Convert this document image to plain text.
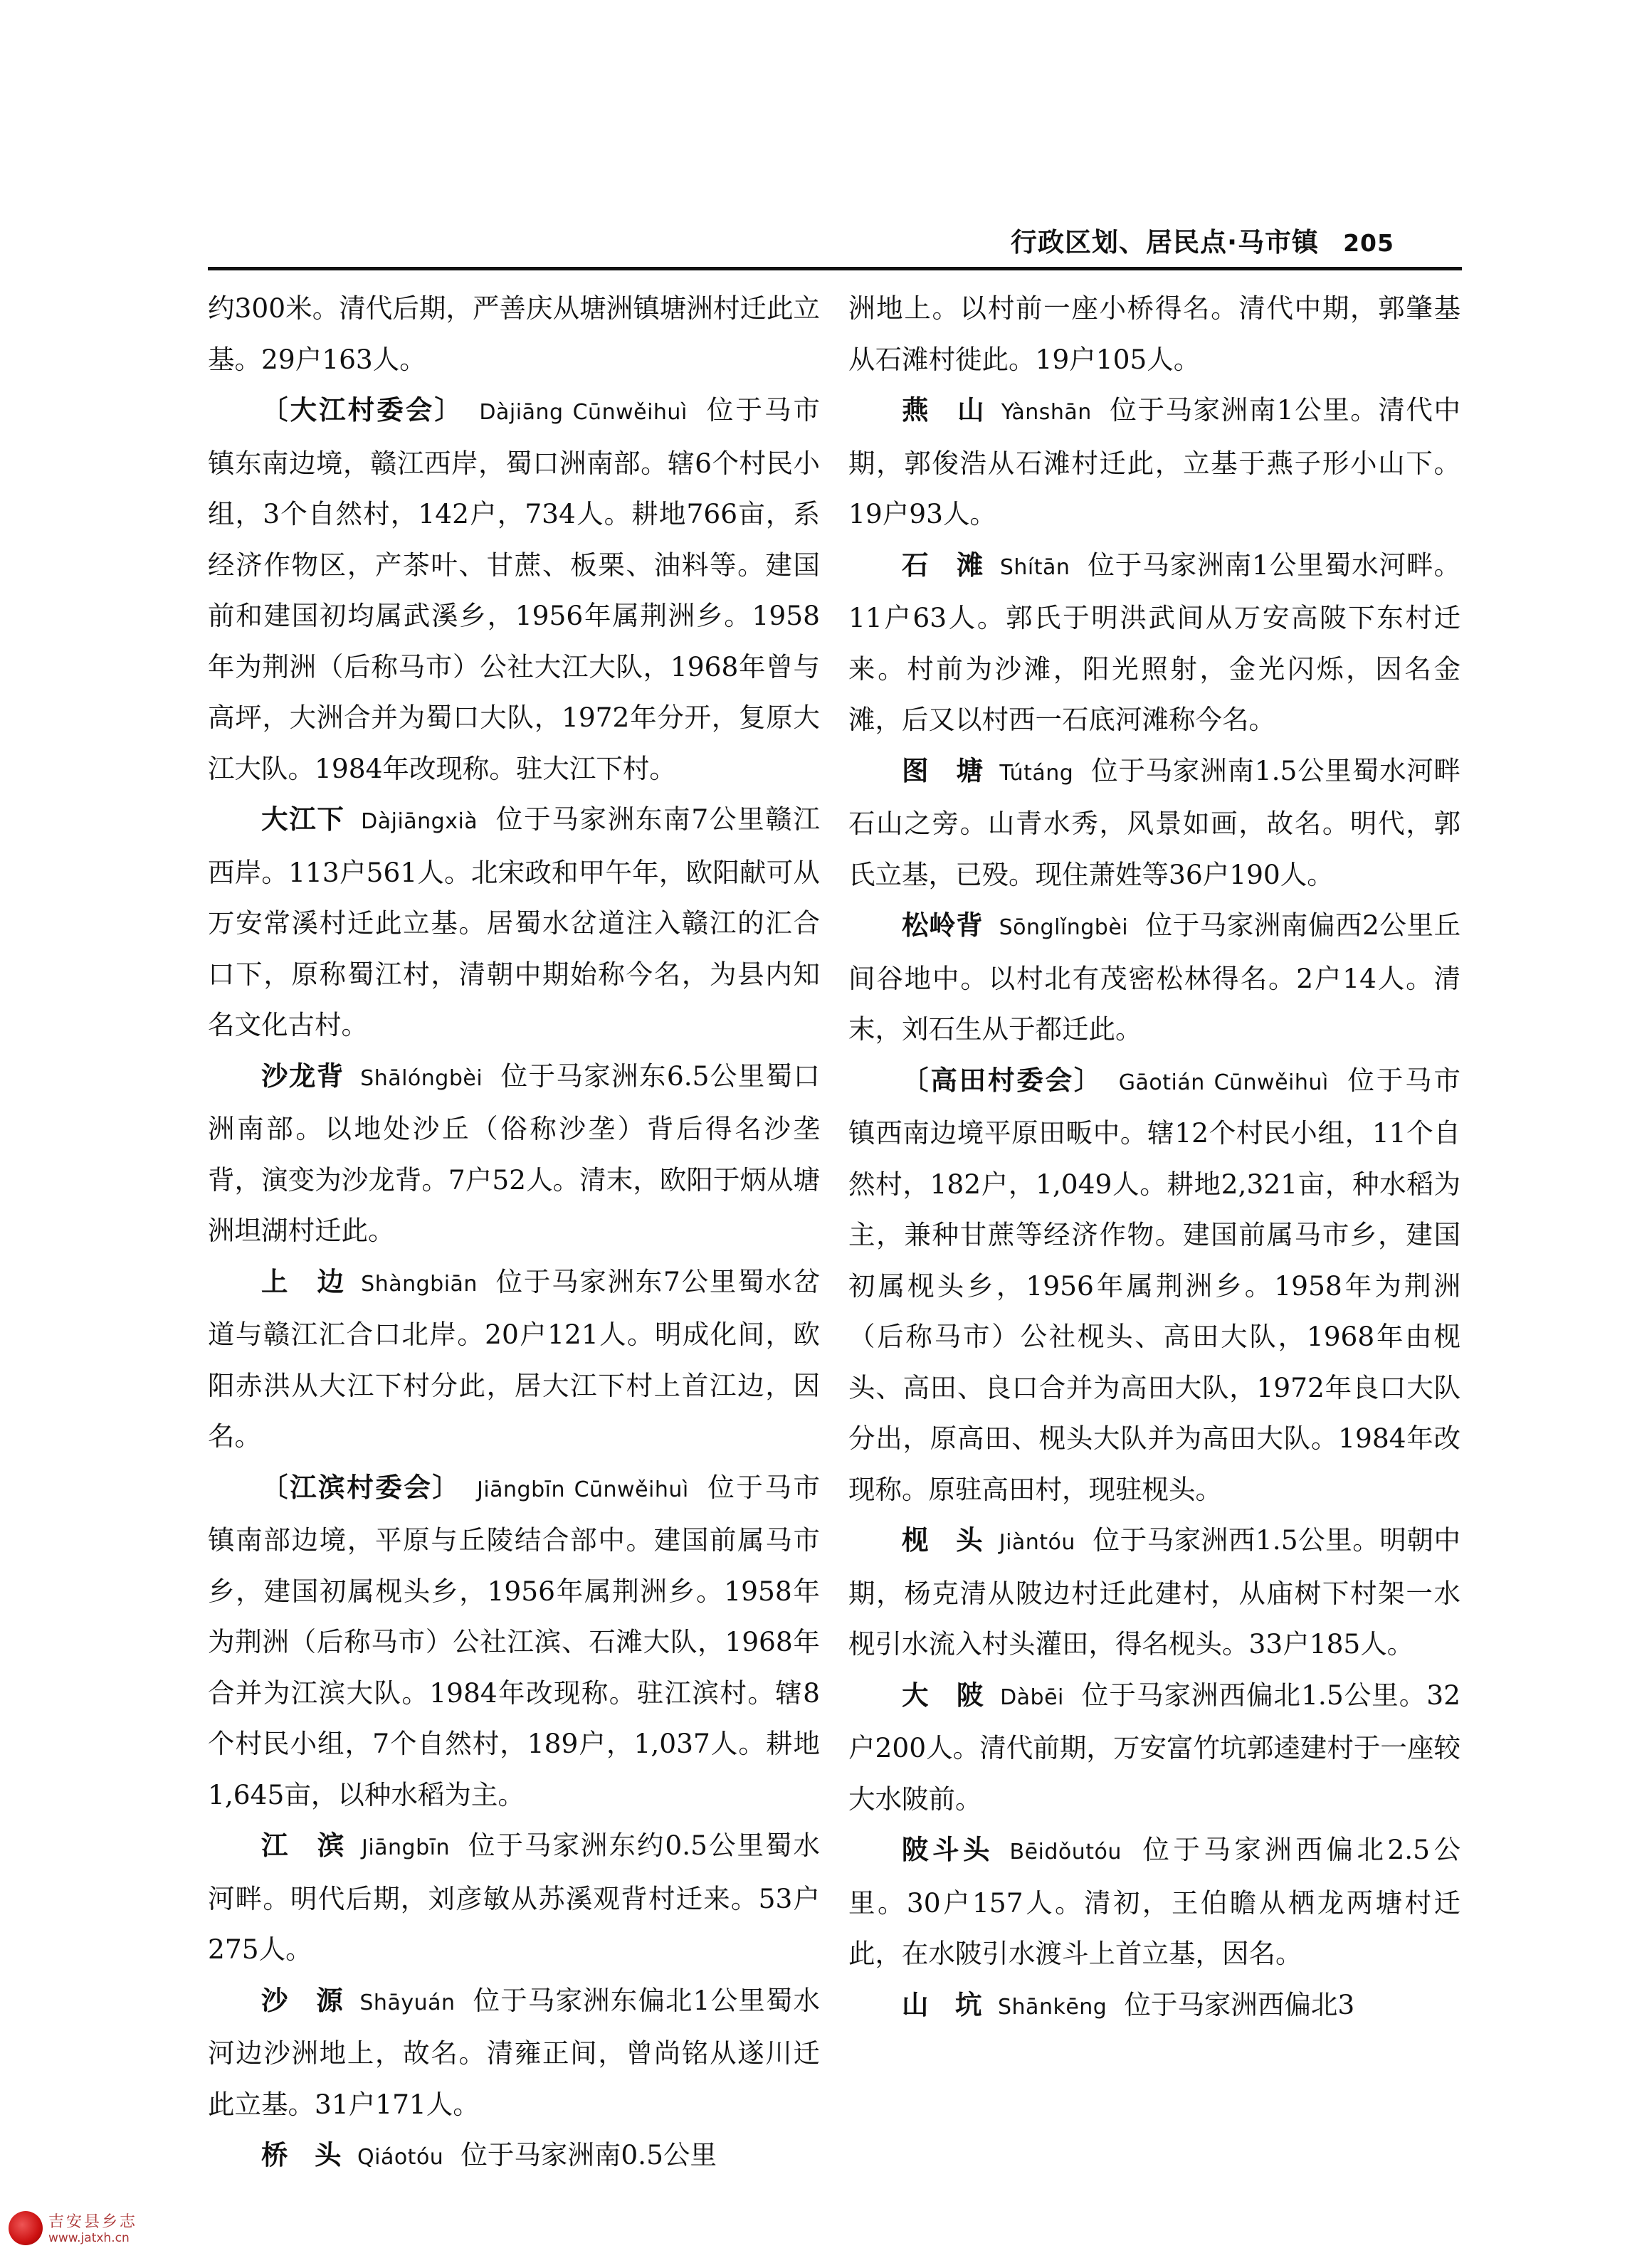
行政区划、居民点·马市镇 205

约300米。清代后期，严善庆从塘洲镇塘洲村迁此立基。29户163人。

〔大江村委会〕 Dàjiāng Cūnwěihuì 位于马市镇东南边境，赣江西岸，蜀口洲南部。辖6个村民小组，3个自然村，142户，734人。耕地766亩，系经济作物区，产茶叶、甘蔗、板栗、油料等。建国前和建国初均属武溪乡，1956年属荆洲乡。1958年为荆洲（后称马市）公社大江大队，1968年曾与高坪，大洲合并为蜀口大队，1972年分开，复原大江大队。1984年改现称。驻大江下村。

大江下 Dàjiāngxià 位于马家洲东南7公里赣江西岸。113户561人。北宋政和甲午年，欧阳献可从万安常溪村迁此立基。居蜀水岔道注入赣江的汇合口下，原称蜀江村，清朝中期始称今名，为县内知名文化古村。

沙龙背 Shālóngbèi 位于马家洲东6.5公里蜀口洲南部。以地处沙丘（俗称沙垄）背后得名沙垄背，演变为沙龙背。7户52人。清末，欧阳于炳从塘洲坦湖村迁此。

上　边 Shàngbiān 位于马家洲东7公里蜀水岔道与赣江汇合口北岸。20户121人。明成化间，欧阳赤洪从大江下村分此，居大江下村上首江边，因名。

〔江滨村委会〕 Jiāngbīn Cūnwěihuì 位于马市镇南部边境，平原与丘陵结合部中。建国前属马市乡，建国初属枧头乡，1956年属荆洲乡。1958年为荆洲（后称马市）公社江滨、石滩大队，1968年合并为江滨大队。1984年改现称。驻江滨村。辖8个村民小组，7个自然村，189户，1,037人。耕地1,645亩，以种水稻为主。

江　滨 Jiāngbīn 位于马家洲东约0.5公里蜀水河畔。明代后期，刘彦敏从苏溪观背村迁来。53户275人。

沙　源 Shāyuán 位于马家洲东偏北1公里蜀水河边沙洲地上，故名。清雍正间，曾尚铭从遂川迁此立基。31户171人。

桥　头 Qiáotóu 位于马家洲南0.5公里

洲地上。以村前一座小桥得名。清代中期，郭肇基从石滩村徙此。19户105人。

燕　山 Yànshān 位于马家洲南1公里。清代中期，郭俊浩从石滩村迁此，立基于燕子形小山下。19户93人。

石　滩 Shítān 位于马家洲南1公里蜀水河畔。11户63人。郭氏于明洪武间从万安高陂下东村迁来。村前为沙滩，阳光照射，金光闪烁，因名金滩，后又以村西一石底河滩称今名。

图　塘 Tútáng 位于马家洲南1.5公里蜀水河畔石山之旁。山青水秀，风景如画，故名。明代，郭氏立基，已殁。现住萧姓等36户190人。

松岭背 Sōnglǐngbèi 位于马家洲南偏西2公里丘间谷地中。以村北有茂密松林得名。2户14人。清末，刘石生从于都迁此。

〔高田村委会〕 Gāotián Cūnwěihuì 位于马市镇西南边境平原田畈中。辖12个村民小组，11个自然村，182户，1,049人。耕地2,321亩，种水稻为主，兼种甘蔗等经济作物。建国前属马市乡，建国初属枧头乡，1956年属荆洲乡。1958年为荆洲（后称马市）公社枧头、高田大队，1968年由枧头、高田、良口合并为高田大队，1972年良口大队分出，原高田、枧头大队并为高田大队。1984年改现称。原驻高田村，现驻枧头。

枧　头 Jiàntóu 位于马家洲西1.5公里。明朝中期，杨克清从陂边村迁此建村，从庙树下村架一水枧引水流入村头灌田，得名枧头。33户185人。

大　陂 Dàbēi 位于马家洲西偏北1.5公里。32户200人。清代前期，万安富竹坑郭逵建村于一座较大水陂前。

陂斗头 Bēidǒutóu 位于马家洲西偏北2.5公里。30户157人。清初，王伯瞻从栖龙两塘村迁此，在水陂引水渡斗上首立基，因名。

山　坑 Shānkēng 位于马家洲西偏北3

吉安县乡志
www.jatxh.cn
